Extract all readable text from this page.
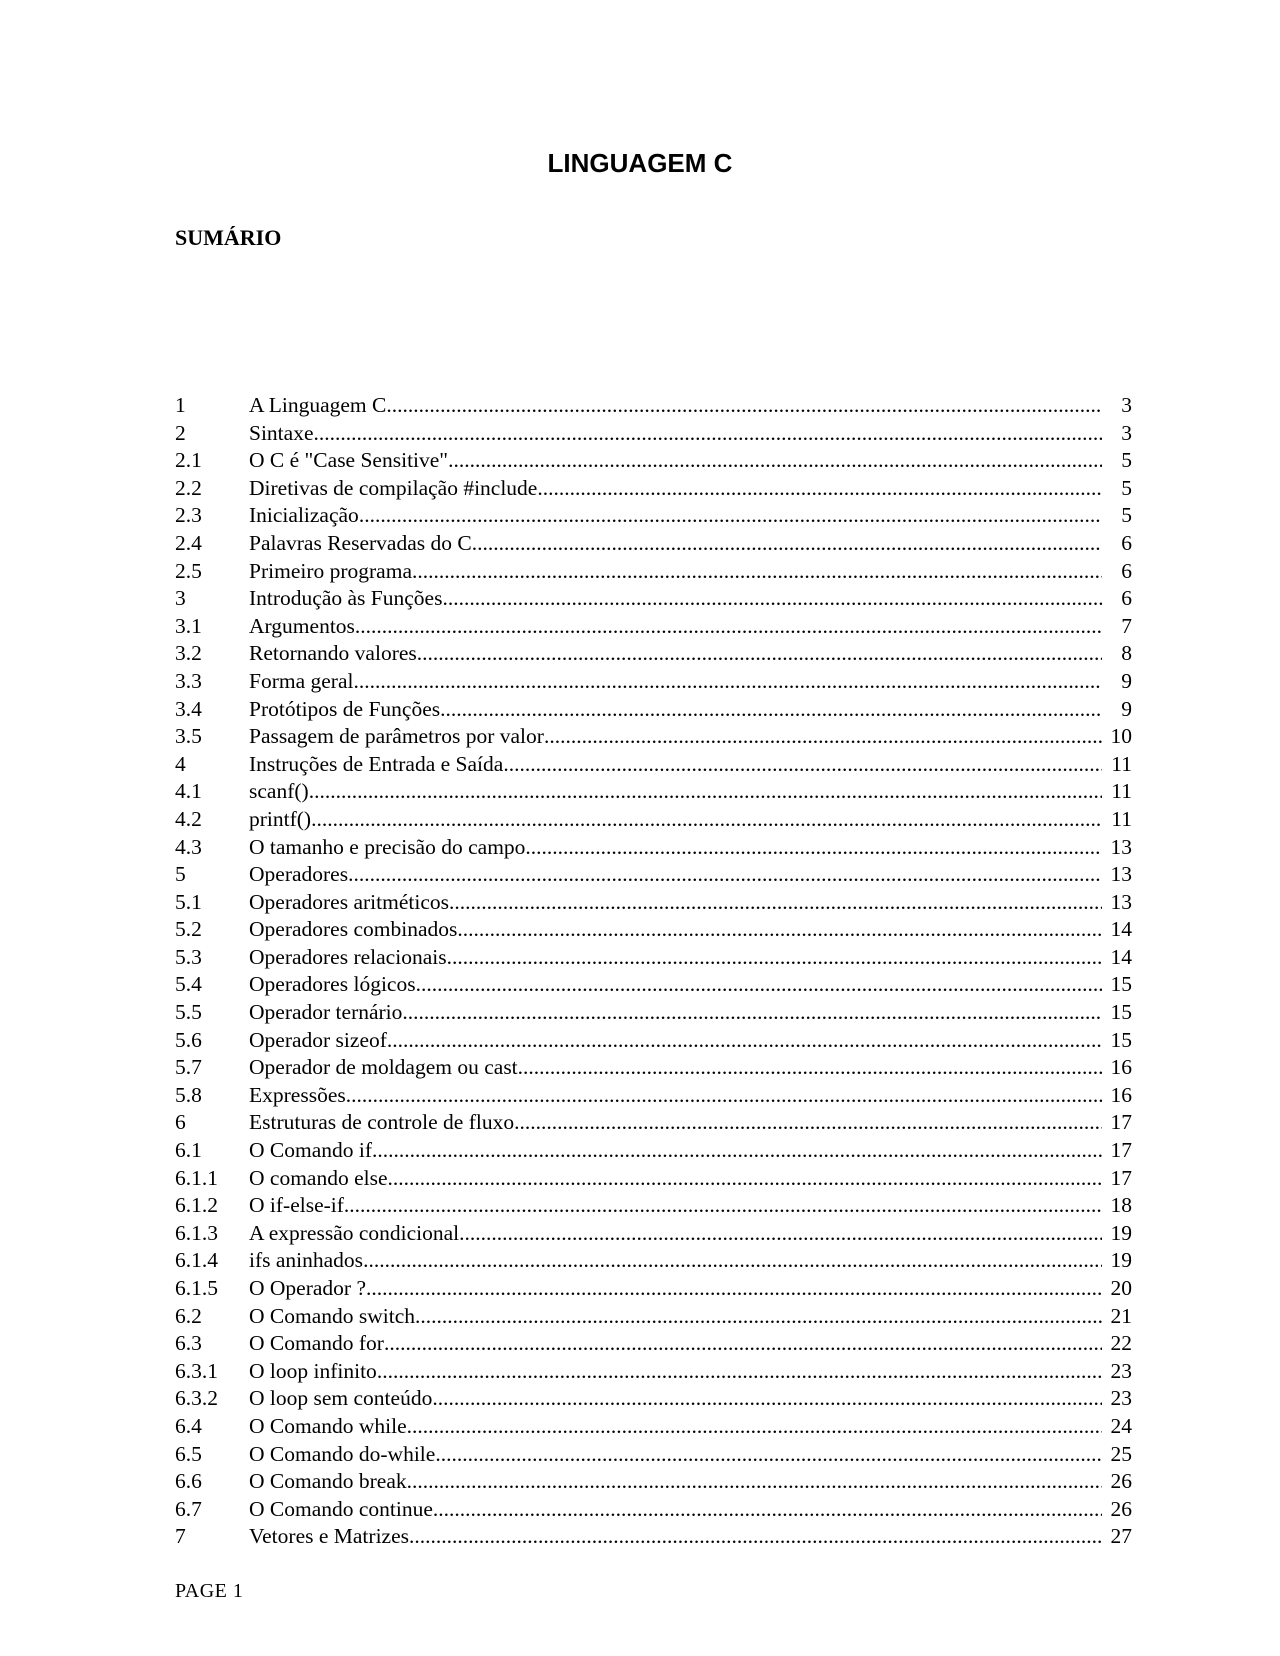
LINGUAGEM C
SUMÁRIO
1	A Linguagem C .....	3
2	Sintaxe .....	3
2.1	O C é "Case Sensitive" .....	5
2.2	Diretivas de compilação #include .....	5
2.3	Inicialização .....	5
2.4	Palavras Reservadas do C .....	6
2.5	Primeiro programa .....	6
3	Introdução às Funções .....	6
3.1	Argumentos .....	7
3.2	Retornando valores .....	8
3.3	Forma geral .....	9
3.4	Protótipos de Funções .....	9
3.5	Passagem de parâmetros por valor .....	10
4	Instruções de Entrada e Saída .....	11
4.1	scanf() .....	11
4.2	printf() .....	11
4.3	O tamanho e precisão do campo .....	13
5	Operadores .....	13
5.1	Operadores aritméticos .....	13
5.2	Operadores combinados .....	14
5.3	Operadores relacionais .....	14
5.4	Operadores lógicos .....	15
5.5	Operador ternário .....	15
5.6	Operador sizeof .....	15
5.7	Operador de moldagem ou cast .....	16
5.8	Expressões .....	16
6	Estruturas de controle de fluxo .....	17
6.1	O Comando if .....	17
6.1.1	O comando else .....	17
6.1.2	O if-else-if .....	18
6.1.3	A expressão condicional .....	19
6.1.4	ifs aninhados .....	19
6.1.5	O Operador ? .....	20
6.2	O Comando switch .....	21
6.3	O Comando for .....	22
6.3.1	O loop infinito .....	23
6.3.2	O loop sem conteúdo .....	23
6.4	O Comando while .....	24
6.5	O Comando do-while .....	25
6.6	O Comando break .....	26
6.7	O Comando continue .....	26
7	Vetores e Matrizes .....	27
PAGE 1
